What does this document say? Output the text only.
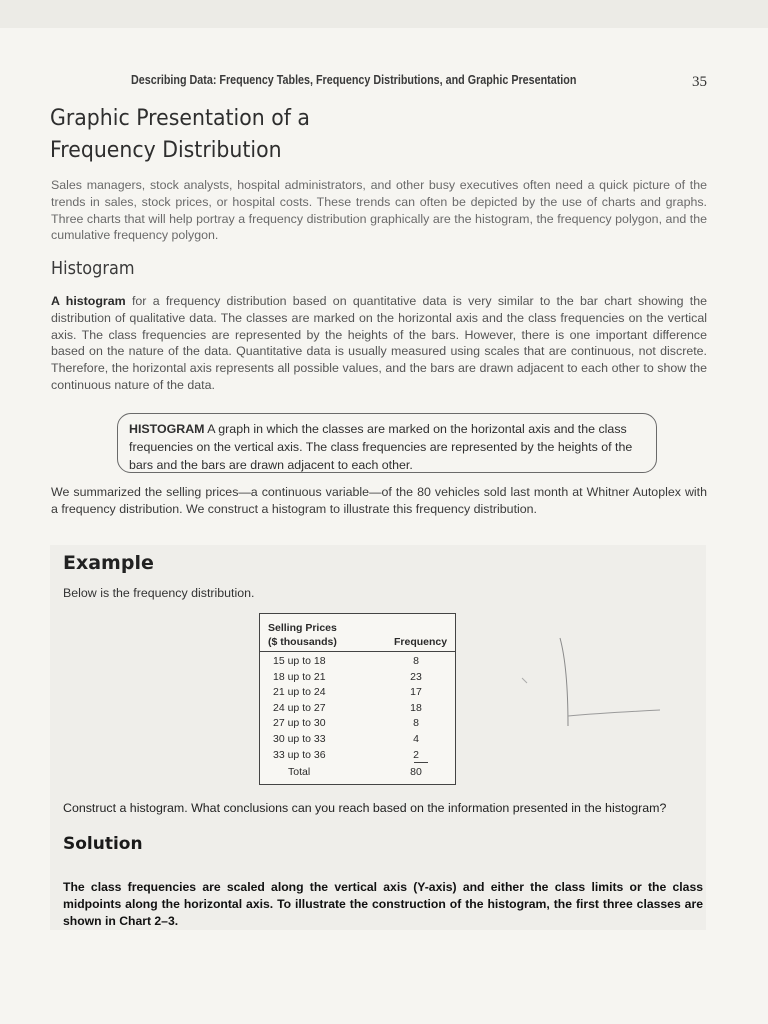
Describing Data: Frequency Tables, Frequency Distributions, and Graphic Presentation	35
Graphic Presentation of a
Frequency Distribution

Sales managers, stock analysts, hospital administrators, and other busy executives often need a quick picture of the trends in sales, stock prices, or hospital costs. These trends can often be depicted by the use of charts and graphs. Three charts that will help portray a frequency distribution graphically are the histogram, the frequency polygon, and the cumulative frequency polygon.

Histogram

A histogram for a frequency distribution based on quantitative data is very similar to the bar chart showing the distribution of qualitative data. The classes are marked on the horizontal axis and the class frequencies on the vertical axis. The class frequencies are represented by the heights of the bars. However, there is one important difference based on the nature of the data. Quantitative data is usually measured using scales that are continuous, not discrete. Therefore, the horizontal axis represents all possible values, and the bars are drawn adjacent to each other to show the continuous nature of the data.

HISTOGRAM A graph in which the classes are marked on the horizontal axis and the class frequencies on the vertical axis. The class frequencies are represented by the heights of the bars and the bars are drawn adjacent to each other.

We summarized the selling prices—a continuous variable—of the 80 vehicles sold last month at Whitner Autoplex with a frequency distribution. We construct a histogram to illustrate this frequency distribution.

Example

Below is the frequency distribution.

Selling Prices
($ thousands)	Frequency
15 up to 18	8
18 up to 21	23
21 up to 24	17
24 up to 27	18
27 up to 30	8
30 up to 33	4
33 up to 36	2
Total	80

Construct a histogram. What conclusions can you reach based on the information presented in the histogram?

Solution

The class frequencies are scaled along the vertical axis (Y-axis) and either the class limits or the class midpoints along the horizontal axis. To illustrate the construction of the histogram, the first three classes are shown in Chart 2–3.
